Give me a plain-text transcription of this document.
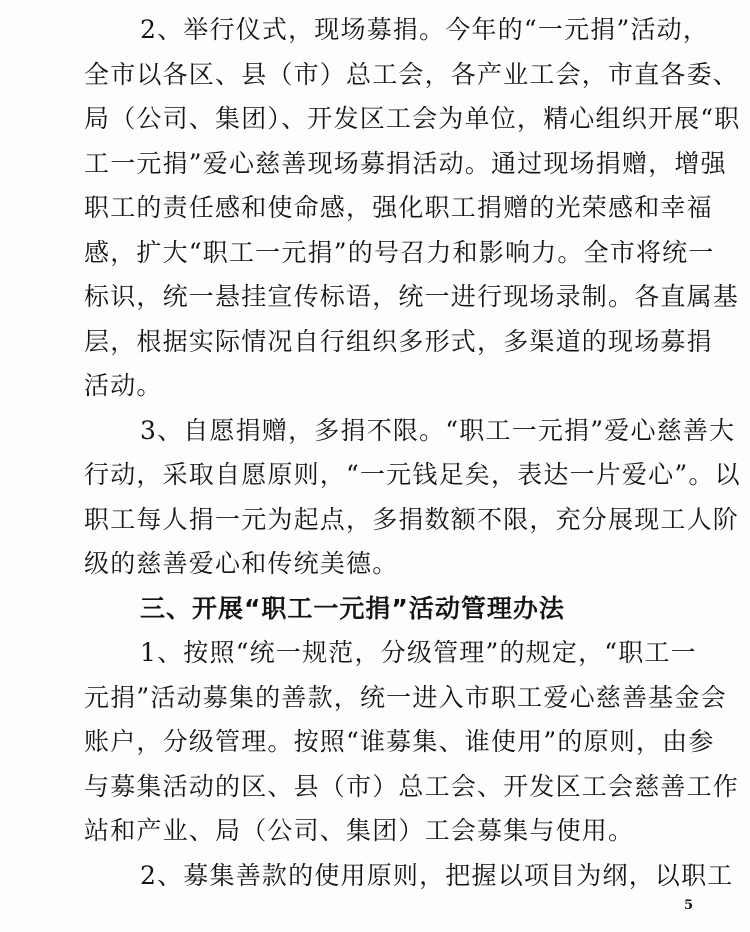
2、举行仪式，现场募捐。今年的“一元捐”活动，
全市以各区、县（市）总工会，各产业工会，市直各委、
局（公司、集团）、开发区工会为单位，精心组织开展“职
工一元捐”爱心慈善现场募捐活动。通过现场捐赠，增强
职工的责任感和使命感，强化职工捐赠的光荣感和幸福
感，扩大“职工一元捐”的号召力和影响力。全市将统一
标识，统一悬挂宣传标语，统一进行现场录制。各直属基
层，根据实际情况自行组织多形式，多渠道的现场募捐
活动。
3、自愿捐赠，多捐不限。“职工一元捐”爱心慈善大
行动，采取自愿原则，“一元钱足矣，表达一片爱心”。以
职工每人捐一元为起点，多捐数额不限，充分展现工人阶
级的慈善爱心和传统美德。
三、开展“职工一元捐”活动管理办法
1、按照“统一规范，分级管理”的规定，“职工一
元捐”活动募集的善款，统一进入市职工爱心慈善基金会
账户，分级管理。按照“谁募集、谁使用”的原则，由参
与募集活动的区、县（市）总工会、开发区工会慈善工作
站和产业、局（公司、集团）工会募集与使用。
2、募集善款的使用原则，把握以项目为纲，以职工
5
